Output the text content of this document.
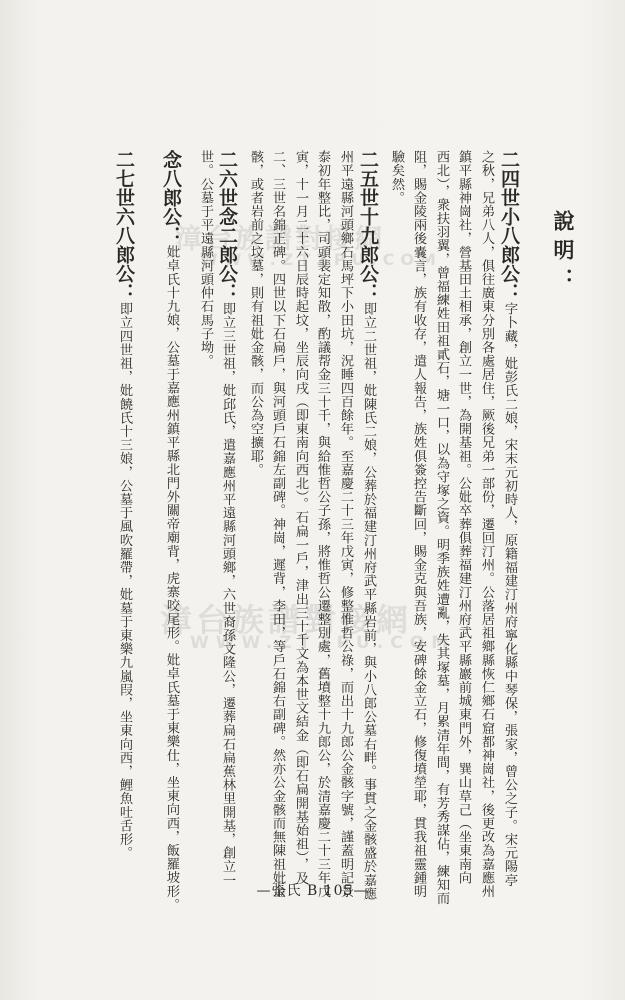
漳台族譜對接網
WWW.ZTZPU.COM
漳台族譜對接網
WWW.ZTZPU.COM
說明：
二四世小八郎公：字卜藏，妣彭氏二娘，宋末元初時人，原籍福建汀州府寧化縣中琴保，張家，曾公之子。宋元陽亭
之秋，兄弟八人，俱往廣東分別各處居住，厥後兄弟一部份，遷回汀州。公落居祖鄉縣恢仁鄉石窟都神崗社，後更改為嘉應州
鎮平縣神崗社，營基田土相承，創立一世，為開基祖。公妣卒葬俱葬福建汀州府武平縣巖前城東門外，巽山草己（坐東南向
西北），衆扶羽翼，曾福練姓田祖貳石，塘一口，以為守塚之資。明季族姓遭亂，失其塚墓，月累清年間，有芳秀謀佔，練知而
阻，賜金陵兩後嚢言，族有收存，遣人報告，族姓俱簽控告斷回，賜金克與吾族，安碑餘金立石，修復墳塋耶，貫我祖靈鍾明
驗矣然。
二五世十九郎公：即立二世祖，妣陳氏二娘，公葬於福建汀州府武平縣岩前，與小八郎公墓右畔。事貫之金骸盛於嘉應
州平遠縣河頭鄉石馬坪下小田坑，況睡四百餘年。至嘉慶二十三年戊寅，修整惟哲公祿，而出十九郎公金骸字號，謹蓋明記景
泰初年整比，司頭裴定知散，酌議帮金三十千，與給惟哲公子孫，將惟哲公遷整別處，舊墳整十九郎公，於清嘉慶二十三年戊
寅，十一月二十六日辰時起坟，坐辰向戌（即東南向西北）。石扁一戶，津出三十千文為本世文結金（即石扁開基始祖），及
二、三世名錦正碑。四世以下石扁戶，與河頭戶石錦左副碑。神崗，遲背，李田，等戶石錦右副碑。然亦公金骸而無陳祖妣金
骸，或者岩前之坟墓，則有祖妣金骸，而公為空擴耶。
二六世念二郎公：即立三世祖，妣邱氏，遣嘉應州平遠縣河頭鄉，六世裔孫文隆公，遷葬扁石扁蕉林里開基，創立一
世。公墓于平遠縣河頭仲石馬子坳。
念八郎公：妣卓氏十九娘，公墓于嘉應州鎮平縣北門外關帝廟背，虎寨咬尾形。妣卓氏墓于東樂仕，坐東向西，飯羅坡形。
二七世六八郎公：即立四世祖，妣饒氏十三娘，公墓于風吹羅帶，妣墓于東樂九嵐叚，坐東向西，鯉魚吐舌形。
—張氏 B 105—
